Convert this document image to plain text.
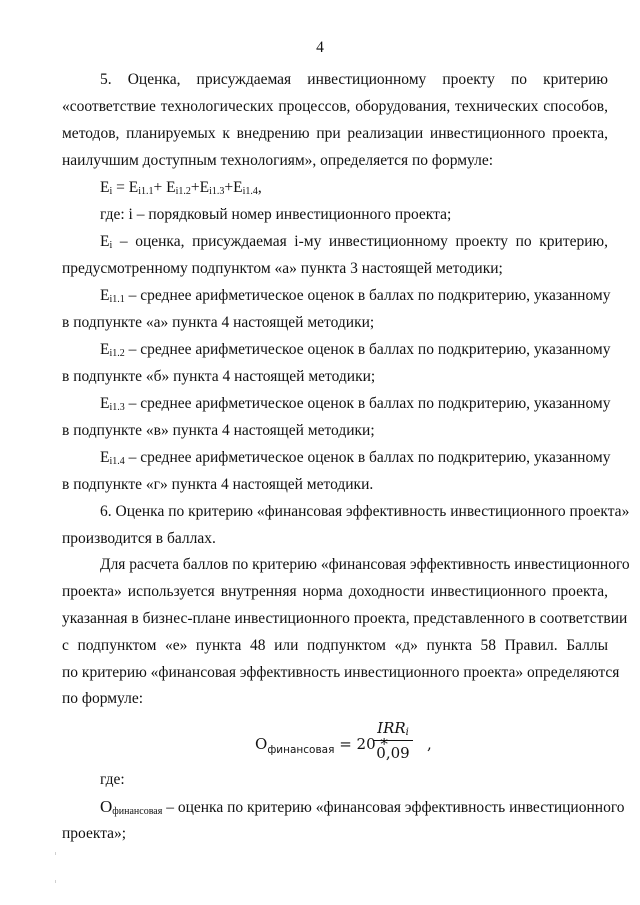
4
5. Оценка, присуждаемая инвестиционному проекту по критерию
«соответствие технологических процессов, оборудования, технических способов,
методов, планируемых к внедрению при реализации инвестиционного проекта,
наилучшим доступным технологиям», определяется по формуле:
$E_i = E_{i1.1}+ E_{i1.2}+E_{i1.3}+E_{i1.4}$,
где: i – порядковый номер инвестиционного проекта;
$E_i$ – оценка, присуждаемая i-му инвестиционному проекту по критерию,
предусмотренному подпунктом «а» пункта 3 настоящей методики;
$E_{i1.1}$ – среднее арифметическое оценок в баллах по подкритерию, указанному
в подпункте «а» пункта 4 настоящей методики;
$E_{i1.2}$ – среднее арифметическое оценок в баллах по подкритерию, указанному
в подпункте «б» пункта 4 настоящей методики;
$E_{i1.3}$ – среднее арифметическое оценок в баллах по подкритерию, указанному
в подпункте «в» пункта 4 настоящей методики;
$E_{i1.4}$ – среднее арифметическое оценок в баллах по подкритерию, указанному
в подпункте «г» пункта 4 настоящей методики.
6. Оценка по критерию «финансовая эффективность инвестиционного проекта»
производится в баллах.
Для расчета баллов по критерию «финансовая эффективность инвестиционного
проекта» используется внутренняя норма доходности инвестиционного проекта,
указанная в бизнес-плане инвестиционного проекта, представленного в соответствии
с подпунктом «е» пункта 48 или подпунктом «д» пункта 58 Правил. Баллы
по критерию «финансовая эффективность инвестиционного проекта» определяются
по формуле:
$O_{финансовая} = 20$ *
$IRR_i$
0,09 ,
где:
$O_{финансовая}$ – оценка по критерию «финансовая эффективность инвестиционного
проекта»;
